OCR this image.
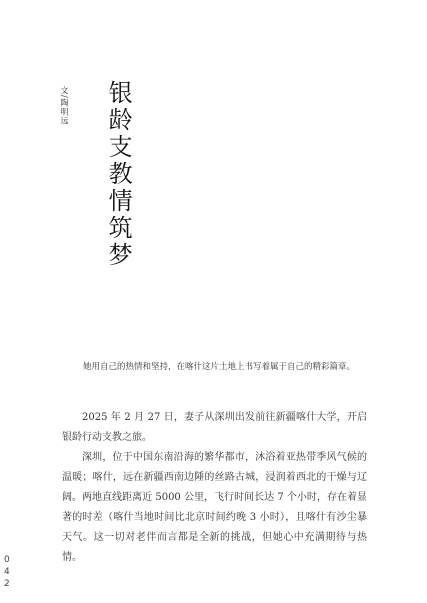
文/陶明远 银龄支教情筑梦
她用自己的热情和坚持，在喀什这片土地上书写着属于自己的精彩篇章。

2025 年 2 月 27 日，妻子从深圳出发前往新疆喀什大学，开启银龄行动支教之旅。

深圳，位于中国东南沿海的繁华都市，沐浴着亚热带季风气候的温暖；喀什，远在新疆西南边陲的丝路古城，浸润着西北的干燥与辽阔。两地直线距离近 5000 公里，飞行时间长达 7 个小时，存在着显著的时差（喀什当地时间比北京时间约晚 3 小时），且喀什有沙尘暴天气。这一切对老伴而言都是全新的挑战，但她心中充满期待与热情。

0
4
2
